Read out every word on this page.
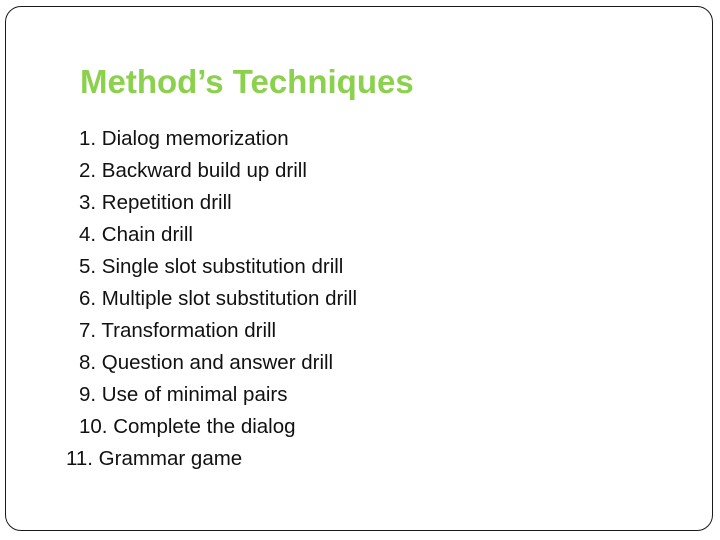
Method’s Techniques
1. Dialog memorization
2. Backward build up drill
3. Repetition drill
4. Chain drill
5. Single slot substitution drill
6. Multiple slot substitution drill
7. Transformation drill
8. Question and answer drill
9. Use of minimal pairs
10. Complete the dialog
11. Grammar game
